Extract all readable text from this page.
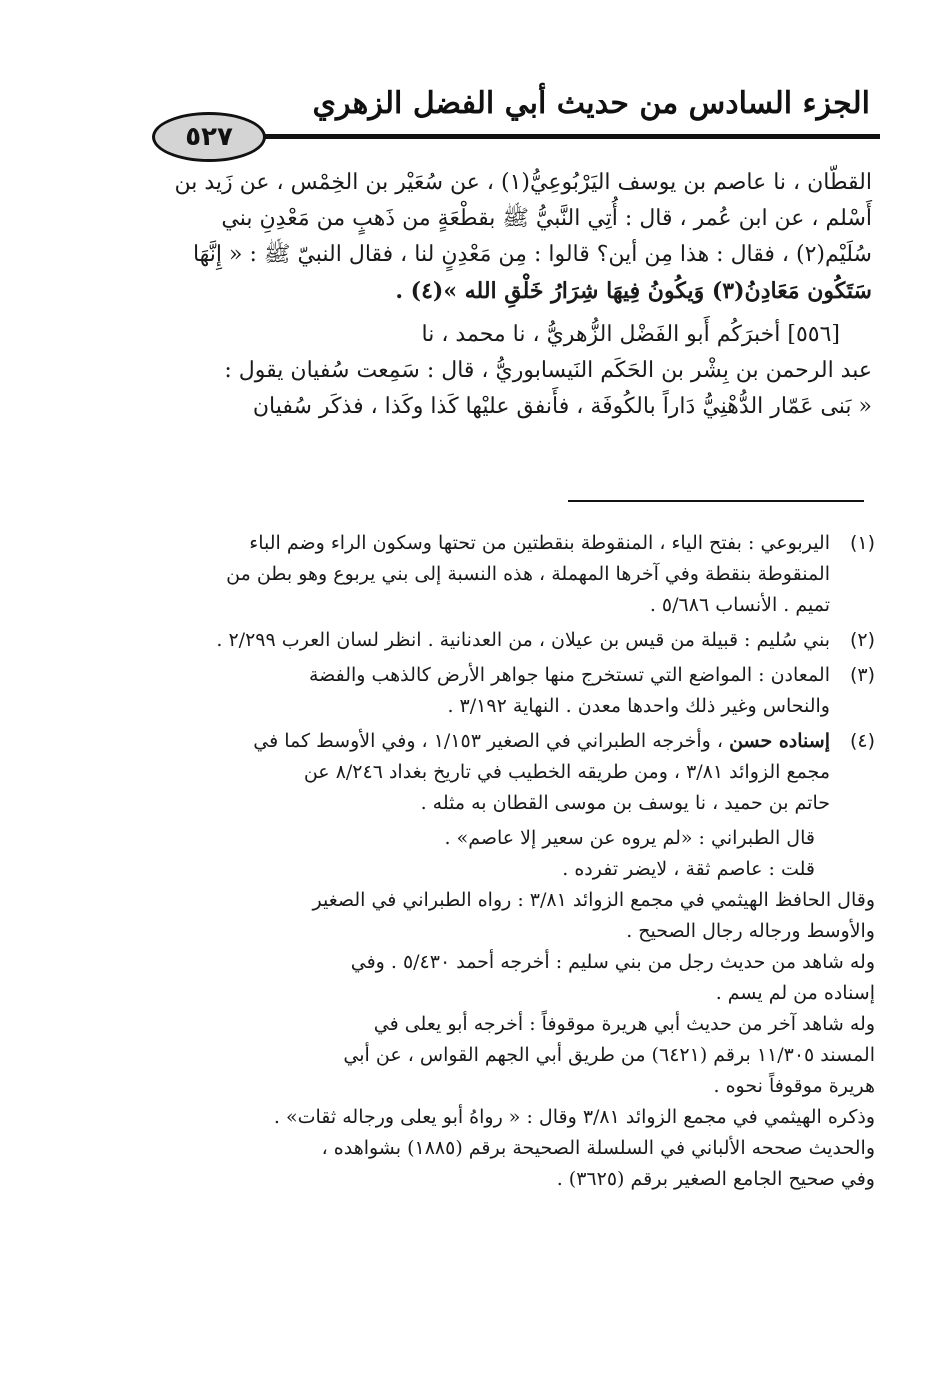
الجزء السادس من حديث أبي الفضل الزهري
٥٢٧

القطّان ، نا عاصم بن يوسف اليَرْبُوعِيُّ(١) ، عن سُعَيْر بن الخِمْس ، عن زَيد بن

أَسْلم ، عن ابن عُمر ، قال : أُتِي النَّبيُّ ﷺ بقطْعَةٍ من ذَهبٍ من مَعْدِنِ بني

سُلَيْم(٢) ، فقال : هذا مِن أين؟ قالوا : مِن مَعْدِنٍ لنا ، فقال النبيّ ﷺ : « إِنَّهَا

سَتَكُون مَعَادِنُ(٣) وَيكُونُ فِيهَا شِرَارُ خَلْقِ الله »(٤) .

[٥٥٦] أخبرَكُم أَبو الفَضْل الزُّهريُّ ، نا محمد ، نا

عبد الرحمن بن بِشْر بن الحَكَم النَيسابوريُّ ، قال : سَمِعت سُفيان يقول :

« بَنى عَمّار الدُّهْنِيُّ دَاراً بالكُوفَة ، فأَنفق عليْها كَذا وكَذا ، فذكَر سُفيان

(١)

اليربوعي : بفتح الياء ، المنقوطة بنقطتين من تحتها وسكون الراء وضم الباء

المنقوطة بنقطة وفي آخرها المهملة ، هذه النسبة إلى بني يربوع وهو بطن من

تميم . الأنساب ٥/٦٨٦ .

(٢)

بني سُليم : قبيلة من قيس بن عيلان ، من العدنانية . انظر لسان العرب ٢/٢٩٩ .

(٣)

المعادن : المواضع التي تستخرج منها جواهر الأرض كالذهب والفضة

والنحاس وغير ذلك واحدها معدن . النهاية ٣/١٩٢ .

(٤)

إسناده حسن ، وأخرجه الطبراني في الصغير ١/١٥٣ ، وفي الأوسط كما في

مجمع الزوائد ٣/٨١ ، ومن طريقه الخطيب في تاريخ بغداد ٨/٢٤٦ عن

حاتم بن حميد ، نا يوسف بن موسى القطان به مثله .

قال الطبراني : «لم يروه عن سعير إلا عاصم» .

قلت : عاصم ثقة ، لايضر تفرده .

وقال الحافظ الهيثمي في مجمع الزوائد ٣/٨١ : رواه الطبراني في الصغير

والأوسط ورجاله رجال الصحيح .

وله شاهد من حديث رجل من بني سليم : أخرجه أحمد ٥/٤٣٠ . وفي

إسناده من لم يسم .

وله شاهد آخر من حديث أبي هريرة موقوفاً : أخرجه أبو يعلى في

المسند ١١/٣٠٥ برقم (٦٤٢١) من طريق أبي الجهم القواس ، عن أبي

هريرة موقوفاً نحوه .

وذكره الهيثمي في مجمع الزوائد ٣/٨١ وقال : « رواهُ أبو يعلى ورجاله ثقات» .

والحديث صححه الألباني في السلسلة الصحيحة برقم (١٨٨٥) بشواهده ،

وفي صحيح الجامع الصغير برقم (٣٦٢٥) .
